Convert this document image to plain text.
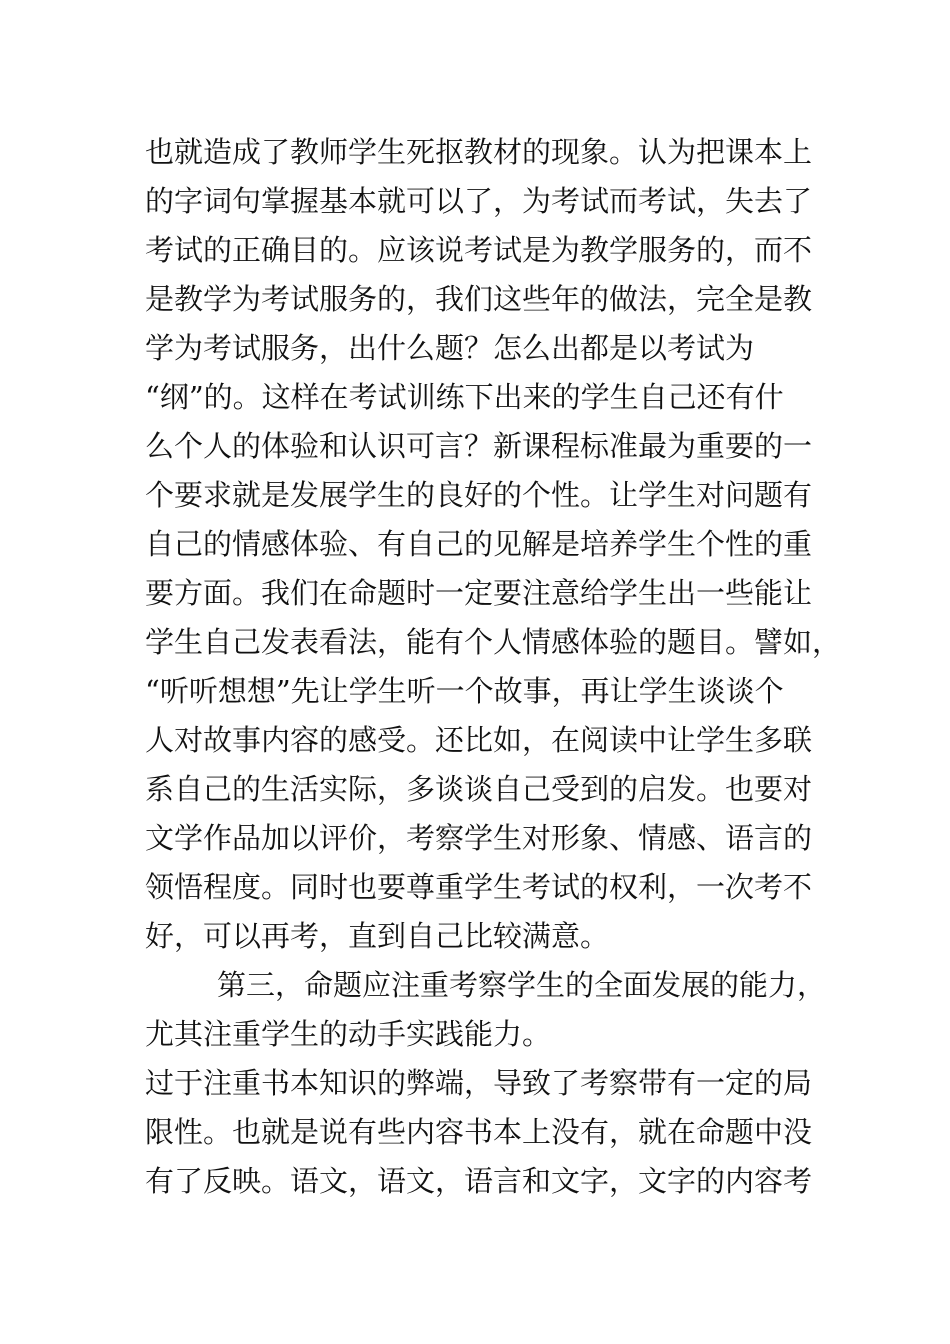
也就造成了教师学生死抠教材的现象。认为把课本上
的字词句掌握基本就可以了，为考试而考试，失去了
考试的正确目的。应该说考试是为教学服务的，而不
是教学为考试服务的，我们这些年的做法，完全是教
学为考试服务，出什么题？怎么出都是以考试为
“纲”的。这样在考试训练下出来的学生自己还有什
么个人的体验和认识可言？新课程标准最为重要的一
个要求就是发展学生的良好的个性。让学生对问题有
自己的情感体验、有自己的见解是培养学生个性的重
要方面。我们在命题时一定要注意给学生出一些能让
学生自己发表看法，能有个人情感体验的题目。譬如，
“听听想想”先让学生听一个故事，再让学生谈谈个
人对故事内容的感受。还比如，在阅读中让学生多联
系自己的生活实际，多谈谈自己受到的启发。也要对
文学作品加以评价，考察学生对形象、情感、语言的
领悟程度。同时也要尊重学生考试的权利，一次考不
好，可以再考，直到自己比较满意。
第三，命题应注重考察学生的全面发展的能力，
尤其注重学生的动手实践能力。
过于注重书本知识的弊端，导致了考察带有一定的局
限性。也就是说有些内容书本上没有，就在命题中没
有了反映。语文，语文，语言和文字，文字的内容考
